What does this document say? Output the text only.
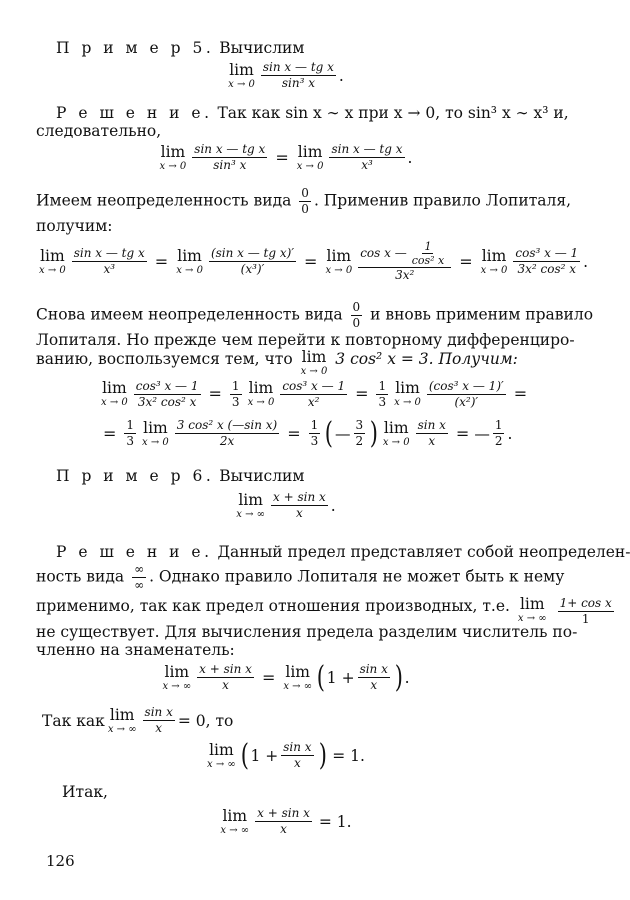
П р и м е р 5. Вычислим
lim
$x \to 0 \frac{\text{sin x — tg x}}{\text{sin³ x}}$ .
Р е ш е н и е. Так как sin x ∼ x при x → 0, то sin³ x ∼ x³ и,
следовательно,
lim
$x \to 0 \frac{\text{sin x — tg x}}{\text{sin³ x}} = \lim$
$x \to 0 \frac{\text{sin x — tg x}}{\text{x³}}$ .
Имеем неопределенность вида $\frac{0}{0}$ . Применив правило Лопиталя,
получим:
lim
$x \to 0 \frac{\text{sin x — tg x}}{\text{x³}} = \lim$
$x \to 0 \frac{\text{(sin x — tg x)′}}{\text{(x³)′}} = \lim$
$x \to 0 \frac{\cos x — \frac{1}{\text{cos² x}}}{\text{3x²}} = \lim$
$x \to 0 \frac{\text{cos³ x — 1}}{\text{3x² cos² x}}$ .
Снова имеем неопределенность вида $\frac{0}{0}$ и вновь применим правило
Лопиталя. Но прежде чем перейти к повторному дифференциро-
ванию, воспользуемся тем, что lim
x → 0
3 cos² x = 3. Получим:
lim
$x \to 0 \frac{\text{cos³ x — 1}}{\text{3x² cos² x}} = \frac{1}{3}$ lim
$x \to 0 \frac{\text{cos³ x — 1}}{\text{x²}} = \frac{1}{3}$ lim
$x \to 0 \frac{\text{(cos³ x — 1)′}}{\text{(x²)′}}$ =
= $\frac{1}{3}$ lim
$x \to 0 \frac{\text{3 cos² x (—sin x)}}{2x} = \frac{1}{3}$ ( — $\frac{3}{2}$ ) lim
$x \to 0 \frac{\text{sin x}}{x}$ = — $\frac{1}{2}$ .
П р и м е р 6. Вычислим
lim
x → ∞ $\frac{\text{x + sin x}}{x}$ .
Р е ш е н и е. Данный предел представляет собой неопределен-
ность вида $\frac{\infty}{\infty}$ . Однако правило Лопиталя не может быть к нему
применимо, так как предел отношения производных, т.е. lim
x → ∞
$\frac{\text{1+ cos x}}{1}$
не существует. Для вычисления предела разделим числитель по-
членно на знаменатель:
lim
x → ∞ $\frac{\text{x + sin x}}{x} = \lim$
x → ∞ ( $1 + \frac{\text{sin x}}{x}$ ) .
Так как lim
x → ∞ $\frac{\text{sin x}}{x} = 0$, то
lim
x → ∞ ( $1 + \frac{\text{sin x}}{x}$ ) = 1.
Итак,
lim
x → ∞ $\frac{\text{x + sin x}}{x} = 1$.
126
